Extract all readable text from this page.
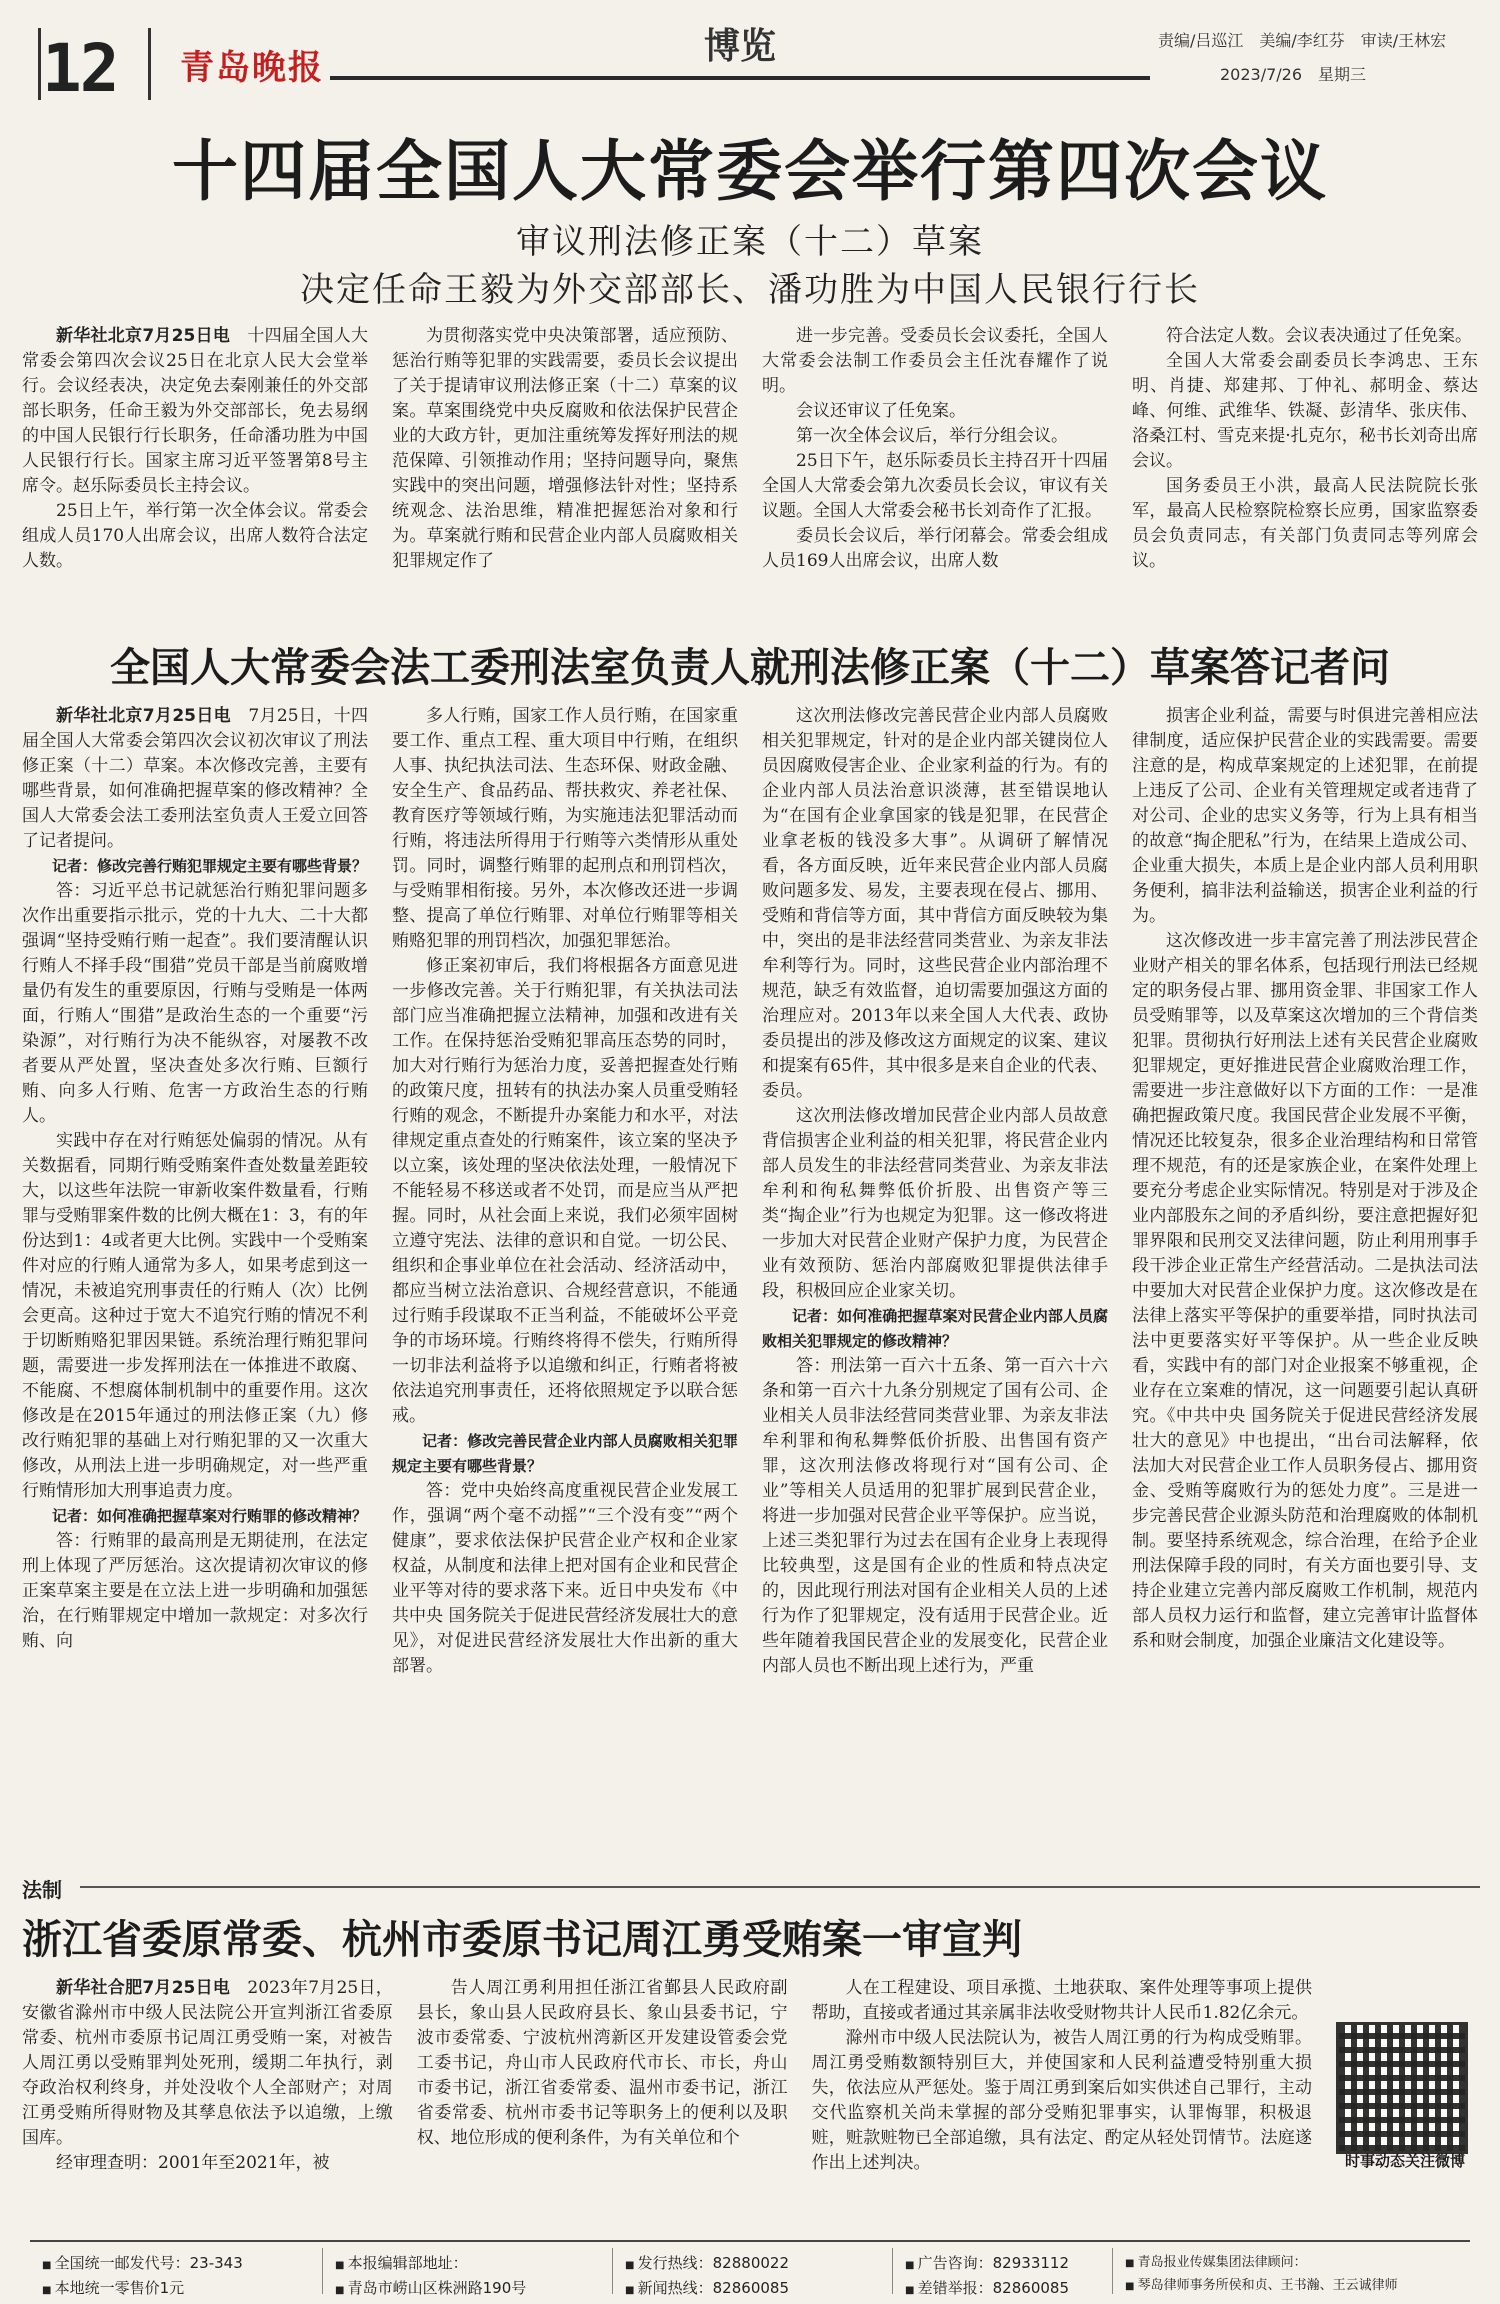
12 青岛晚报
博览	责编/吕巡江　美编/李红芬　审读/王林宏
2023/7/26　星期三
十四届全国人大常委会举行第四次会议
审议刑法修正案（十二）草案
决定任命王毅为外交部部长、潘功胜为中国人民银行行长

新华社北京7月25日电　十四届全国人大常委会第四次会议25日在北京人民大会堂举行。会议经表决，决定免去秦刚兼任的外交部部长职务，任命王毅为外交部部长，免去易纲的中国人民银行行长职务，任命潘功胜为中国人民银行行长。国家主席习近平签署第8号主席令。赵乐际委员长主持会议。

25日上午，举行第一次全体会议。常委会组成人员170人出席会议，出席人数符合法定人数。

为贯彻落实党中央决策部署，适应预防、惩治行贿等犯罪的实践需要，委员长会议提出了关于提请审议刑法修正案（十二）草案的议案。草案围绕党中央反腐败和依法保护民营企业的大政方针，更加注重统筹发挥好刑法的规范保障、引领推动作用；坚持问题导向，聚焦实践中的突出问题，增强修法针对性；坚持系统观念、法治思维，精准把握惩治对象和行为。草案就行贿和民营企业内部人员腐败相关犯罪规定作了

进一步完善。受委员长会议委托，全国人大常委会法制工作委员会主任沈春耀作了说明。

会议还审议了任免案。

第一次全体会议后，举行分组会议。

25日下午，赵乐际委员长主持召开十四届全国人大常委会第九次委员长会议，审议有关议题。全国人大常委会秘书长刘奇作了汇报。

委员长会议后，举行闭幕会。常委会组成人员169人出席会议，出席人数

符合法定人数。会议表决通过了任免案。

全国人大常委会副委员长李鸿忠、王东明、肖捷、郑建邦、丁仲礼、郝明金、蔡达峰、何维、武维华、铁凝、彭清华、张庆伟、洛桑江村、雪克来提·扎克尔，秘书长刘奇出席会议。

国务委员王小洪，最高人民法院院长张军，最高人民检察院检察长应勇，国家监察委员会负责同志，有关部门负责同志等列席会议。

全国人大常委会法工委刑法室负责人就刑法修正案（十二）草案答记者问

新华社北京7月25日电　7月25日，十四届全国人大常委会第四次会议初次审议了刑法修正案（十二）草案。本次修改完善，主要有哪些背景，如何准确把握草案的修改精神？全国人大常委会法工委刑法室负责人王爱立回答了记者提问。

记者：修改完善行贿犯罪规定主要有哪些背景？

答：习近平总书记就惩治行贿犯罪问题多次作出重要指示批示，党的十九大、二十大都强调“坚持受贿行贿一起查”。我们要清醒认识行贿人不择手段“围猎”党员干部是当前腐败增量仍有发生的重要原因，行贿与受贿是一体两面，行贿人“围猎”是政治生态的一个重要“污染源”，对行贿行为决不能纵容，对屡教不改者要从严处置，坚决查处多次行贿、巨额行贿、向多人行贿、危害一方政治生态的行贿人。

实践中存在对行贿惩处偏弱的情况。从有关数据看，同期行贿受贿案件查处数量差距较大，以这些年法院一审新收案件数量看，行贿罪与受贿罪案件数的比例大概在1：3，有的年份达到1：4或者更大比例。实践中一个受贿案件对应的行贿人通常为多人，如果考虑到这一情况，未被追究刑事责任的行贿人（次）比例会更高。这种过于宽大不追究行贿的情况不利于切断贿赂犯罪因果链。系统治理行贿犯罪问题，需要进一步发挥刑法在一体推进不敢腐、不能腐、不想腐体制机制中的重要作用。这次修改是在2015年通过的刑法修正案（九）修改行贿犯罪的基础上对行贿犯罪的又一次重大修改，从刑法上进一步明确规定，对一些严重行贿情形加大刑事追责力度。

记者：如何准确把握草案对行贿罪的修改精神？

答：行贿罪的最高刑是无期徒刑，在法定刑上体现了严厉惩治。这次提请初次审议的修正案草案主要是在立法上进一步明确和加强惩治，在行贿罪规定中增加一款规定：对多次行贿、向

多人行贿，国家工作人员行贿，在国家重要工作、重点工程、重大项目中行贿，在组织人事、执纪执法司法、生态环保、财政金融、安全生产、食品药品、帮扶救灾、养老社保、教育医疗等领域行贿，为实施违法犯罪活动而行贿，将违法所得用于行贿等六类情形从重处罚。同时，调整行贿罪的起刑点和刑罚档次，与受贿罪相衔接。另外，本次修改还进一步调整、提高了单位行贿罪、对单位行贿罪等相关贿赂犯罪的刑罚档次，加强犯罪惩治。

修正案初审后，我们将根据各方面意见进一步修改完善。关于行贿犯罪，有关执法司法部门应当准确把握立法精神，加强和改进有关工作。在保持惩治受贿犯罪高压态势的同时，加大对行贿行为惩治力度，妥善把握查处行贿的政策尺度，扭转有的执法办案人员重受贿轻行贿的观念，不断提升办案能力和水平，对法律规定重点查处的行贿案件，该立案的坚决予以立案，该处理的坚决依法处理，一般情况下不能轻易不移送或者不处罚，而是应当从严把握。同时，从社会面上来说，我们必须牢固树立遵守宪法、法律的意识和自觉。一切公民、组织和企事业单位在社会活动、经济活动中，都应当树立法治意识、合规经营意识，不能通过行贿手段谋取不正当利益，不能破坏公平竞争的市场环境。行贿终将得不偿失，行贿所得一切非法利益将予以追缴和纠正，行贿者将被依法追究刑事责任，还将依照规定予以联合惩戒。

记者：修改完善民营企业内部人员腐败相关犯罪规定主要有哪些背景？

答：党中央始终高度重视民营企业发展工作，强调“两个毫不动摇”“三个没有变”“两个健康”，要求依法保护民营企业产权和企业家权益，从制度和法律上把对国有企业和民营企业平等对待的要求落下来。近日中央发布《中共中央 国务院关于促进民营经济发展壮大的意见》，对促进民营经济发展壮大作出新的重大部署。

这次刑法修改完善民营企业内部人员腐败相关犯罪规定，针对的是企业内部关键岗位人员因腐败侵害企业、企业家利益的行为。有的企业内部人员法治意识淡薄，甚至错误地认为“在国有企业拿国家的钱是犯罪，在民营企业拿老板的钱没多大事”。从调研了解情况看，各方面反映，近年来民营企业内部人员腐败问题多发、易发，主要表现在侵占、挪用、受贿和背信等方面，其中背信方面反映较为集中，突出的是非法经营同类营业、为亲友非法牟利等行为。同时，这些民营企业内部治理不规范，缺乏有效监督，迫切需要加强这方面的治理应对。2013年以来全国人大代表、政协委员提出的涉及修改这方面规定的议案、建议和提案有65件，其中很多是来自企业的代表、委员。

这次刑法修改增加民营企业内部人员故意背信损害企业利益的相关犯罪，将民营企业内部人员发生的非法经营同类营业、为亲友非法牟利和徇私舞弊低价折股、出售资产等三类“掏企业”行为也规定为犯罪。这一修改将进一步加大对民营企业财产保护力度，为民营企业有效预防、惩治内部腐败犯罪提供法律手段，积极回应企业家关切。

记者：如何准确把握草案对民营企业内部人员腐败相关犯罪规定的修改精神？

答：刑法第一百六十五条、第一百六十六条和第一百六十九条分别规定了国有公司、企业相关人员非法经营同类营业罪、为亲友非法牟利罪和徇私舞弊低价折股、出售国有资产罪，这次刑法修改将现行对“国有公司、企业”等相关人员适用的犯罪扩展到民营企业，将进一步加强对民营企业平等保护。应当说，上述三类犯罪行为过去在国有企业身上表现得比较典型，这是国有企业的性质和特点决定的，因此现行刑法对国有企业相关人员的上述行为作了犯罪规定，没有适用于民营企业。近些年随着我国民营企业的发展变化，民营企业内部人员也不断出现上述行为，严重

损害企业利益，需要与时俱进完善相应法律制度，适应保护民营企业的实践需要。需要注意的是，构成草案规定的上述犯罪，在前提上违反了公司、企业有关管理规定或者违背了对公司、企业的忠实义务等，行为上具有相当的故意“掏企肥私”行为，在结果上造成公司、企业重大损失，本质上是企业内部人员利用职务便利，搞非法利益输送，损害企业利益的行为。

这次修改进一步丰富完善了刑法涉民营企业财产相关的罪名体系，包括现行刑法已经规定的职务侵占罪、挪用资金罪、非国家工作人员受贿罪等，以及草案这次增加的三个背信类犯罪。贯彻执行好刑法上述有关民营企业腐败犯罪规定，更好推进民营企业腐败治理工作，需要进一步注意做好以下方面的工作：一是准确把握政策尺度。我国民营企业发展不平衡，情况还比较复杂，很多企业治理结构和日常管理不规范，有的还是家族企业，在案件处理上要充分考虑企业实际情况。特别是对于涉及企业内部股东之间的矛盾纠纷，要注意把握好犯罪界限和民刑交叉法律问题，防止利用刑事手段干涉企业正常生产经营活动。二是执法司法中要加大对民营企业保护力度。这次修改是在法律上落实平等保护的重要举措，同时执法司法中更要落实好平等保护。从一些企业反映看，实践中有的部门对企业报案不够重视，企业存在立案难的情况，这一问题要引起认真研究。《中共中央 国务院关于促进民营经济发展壮大的意见》中也提出，“出台司法解释，依法加大对民营企业工作人员职务侵占、挪用资金、受贿等腐败行为的惩处力度”。三是进一步完善民营企业源头防范和治理腐败的体制机制。要坚持系统观念，综合治理，在给予企业刑法保障手段的同时，有关方面也要引导、支持企业建立完善内部反腐败工作机制，规范内部人员权力运行和监督，建立完善审计监督体系和财会制度，加强企业廉洁文化建设等。

法制
浙江省委原常委、杭州市委原书记周江勇受贿案一审宣判

新华社合肥7月25日电　2023年7月25日，安徽省滁州市中级人民法院公开宣判浙江省委原常委、杭州市委原书记周江勇受贿一案，对被告人周江勇以受贿罪判处死刑，缓期二年执行，剥夺政治权利终身，并处没收个人全部财产；对周江勇受贿所得财物及其孳息依法予以追缴，上缴国库。

经审理查明：2001年至2021年，被

告人周江勇利用担任浙江省鄞县人民政府副县长，象山县人民政府县长、象山县委书记，宁波市委常委、宁波杭州湾新区开发建设管委会党工委书记，舟山市人民政府代市长、市长，舟山市委书记，浙江省委常委、温州市委书记，浙江省委常委、杭州市委书记等职务上的便利以及职权、地位形成的便利条件，为有关单位和个

人在工程建设、项目承揽、土地获取、案件处理等事项上提供帮助，直接或者通过其亲属非法收受财物共计人民币1.82亿余元。

滁州市中级人民法院认为，被告人周江勇的行为构成受贿罪。周江勇受贿数额特别巨大，并使国家和人民利益遭受特别重大损失，依法应从严惩处。鉴于周江勇到案后如实供述自己罪行，主动交代监察机关尚未掌握的部分受贿犯罪事实，认罪悔罪，积极退赃，赃款赃物已全部追缴，具有法定、酌定从轻处罚情节。法庭遂作出上述判决。	时事动态关注微博
■ 全国统一邮发代号：23-343
■ 本地统一零售价1元
■ 本报编辑部地址：
■ 青岛市崂山区株洲路190号
■ 发行热线：82880022
■ 新闻热线：82860085
■ 广告咨询：82933112
■ 差错举报：82860085
■ 青岛报业传媒集团法律顾问：
■ 琴岛律师事务所侯和贞、王书瀚、王云诚律师
